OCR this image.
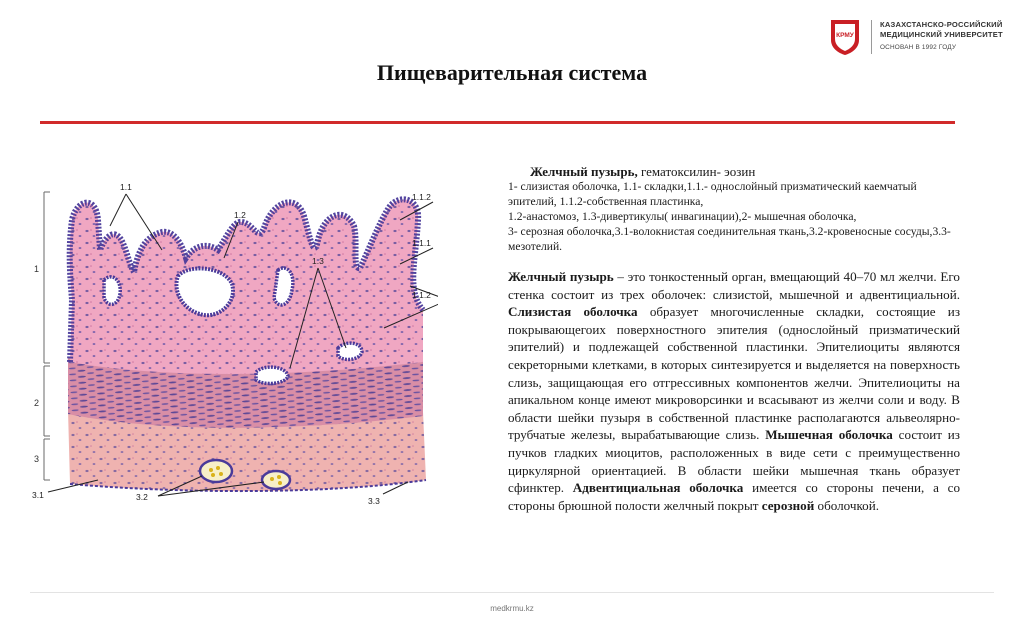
КРМУ
КАЗАХСТАНСКО-РОССИЙСКИЙ
МЕДИЦИНСКИЙ УНИВЕРСИТЕТ
ОСНОВАН В 1992 ГОДУ
Пищеварительная система
1
2
3
1.1
1.2
1.3
1.1.2
1.1.1
1.1.2
3.1	3.2	3.3
Желчный пузырь, гематоксилин- эозин
1- слизистая оболочка, 1.1- складки,1.1.- однослойный призматический каемчатый эпителий, 1.1.2-собственная пластинка,
1.2-анастомоз, 1.3-дивертикулы( инвагинации),2- мышечная оболочка,
3- серозная оболочка,3.1-волокнистая соединительная ткань,3.2-кровеносные сосуды,3.3- мезотелий.

Желчный пузырь – это тонкостенный орган, вмещающий 40–70 мл желчи. Его стенка состоит из трех оболочек: слизистой, мышечной и адвентициальной. Слизистая оболочка образует многочисленные складки, состоящие из покрывающегоих поверхностного эпителия (однослойный призматический эпителий) и подлежащей собственной пластинки. Эпителиоциты являются секреторными клетками, в которых синтезируется и выделяется на поверхность слизь, защищающая его отгрессивных компонентов желчи. Эпителиоциты на апикальном конце имеют микроворсинки и всасывают из желчи соли и воду. В области шейки пузыря в собственной пластинке располагаются альвеолярно-трубчатые железы, вырабатывающие слизь. Мышечная оболочка состоит из пучков гладких миоцитов, расположенных в виде сети с преимущественно циркулярной ориентацией. В области шейки мышечная ткань образует сфинктер. Адвентициальная оболочка имеется со стороны печени, а со стороны брюшной полости желчный покрыт серозной оболочкой.

medkrmu.kz
